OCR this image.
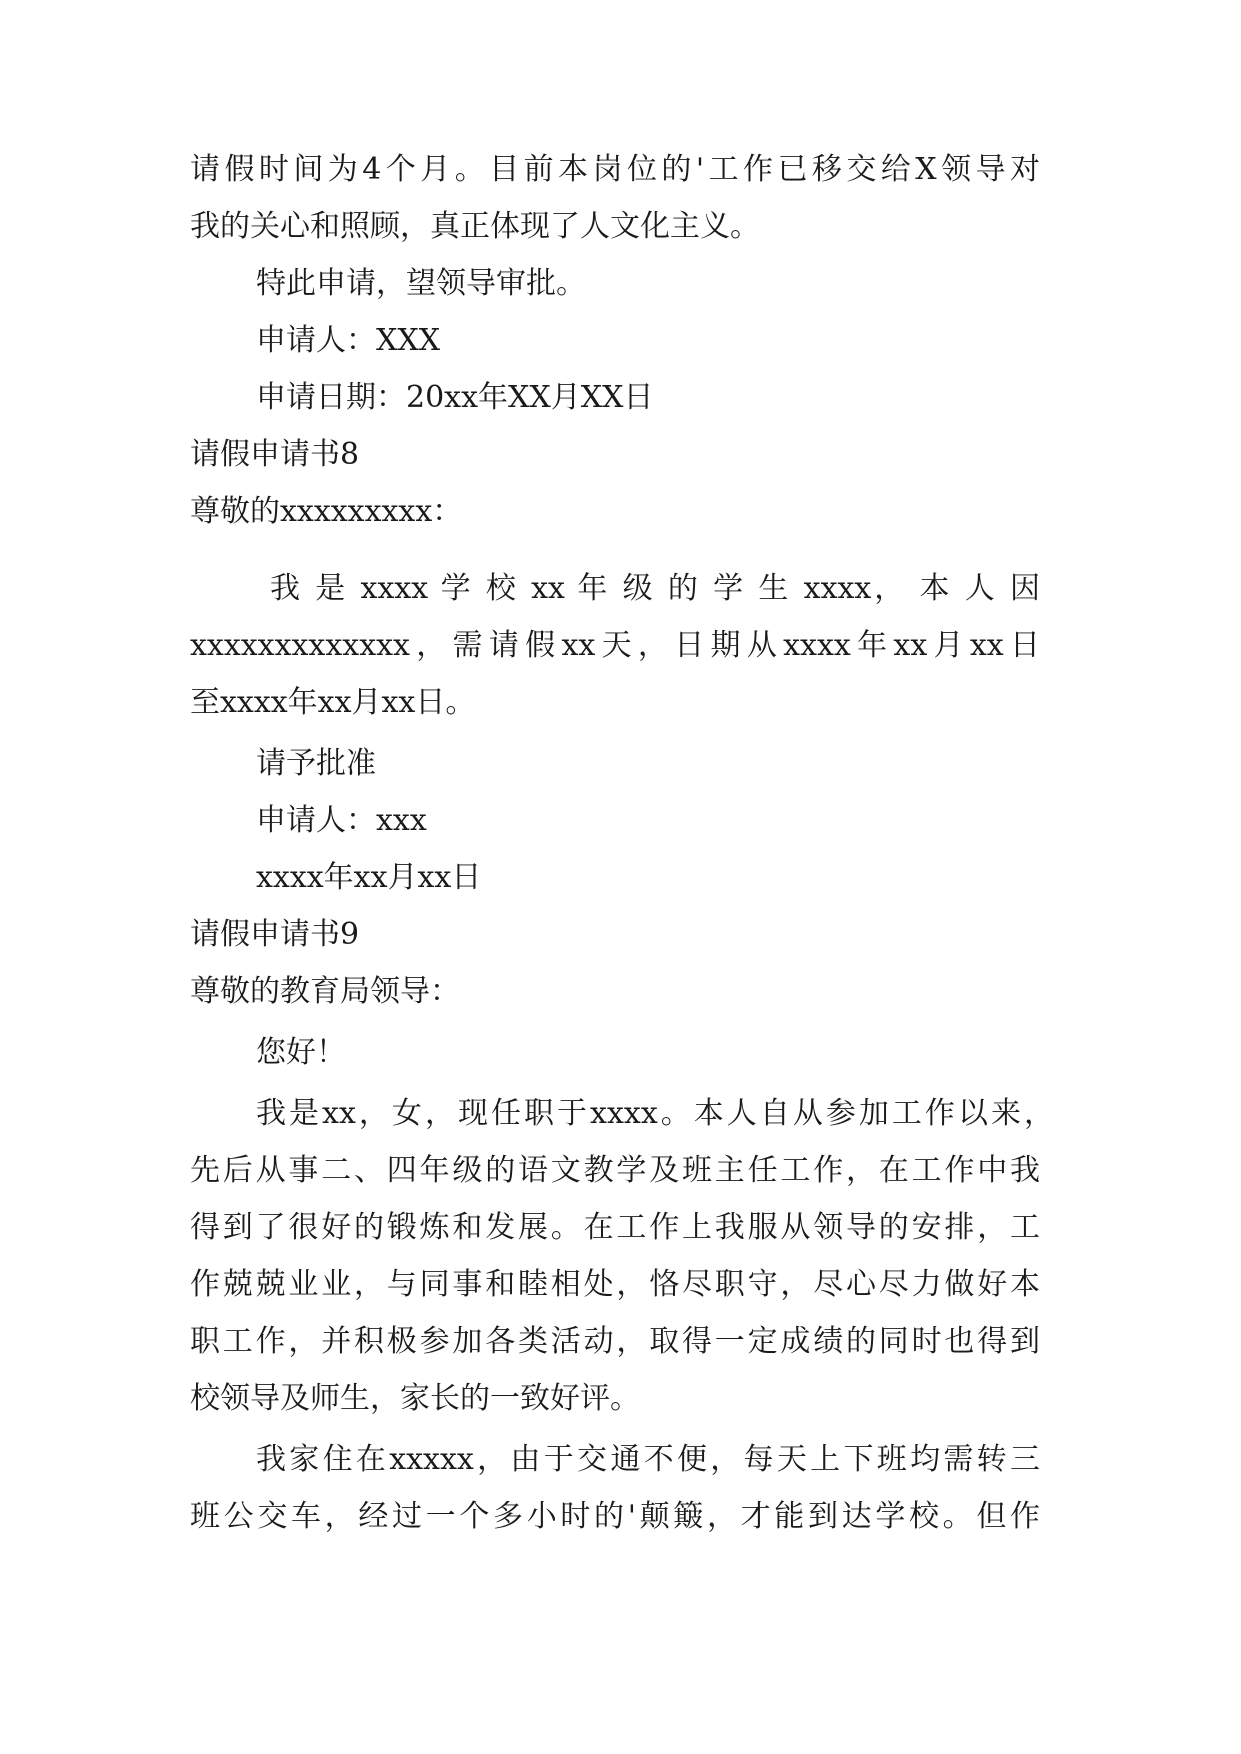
请假时间为4个月。目前本岗位的'工作已移交给X领导对

我的关心和照顾，真正体现了人文化主义。

特此申请，望领导审批。

申请人：XXX

申请日期：20xx年XX月XX日

请假申请书8

尊敬的xxxxxxxxx：

我 是 xxxx 学 校 xx 年 级 的 学 生 xxxx， 本 人 因

xxxxxxxxxxxxx，需请假xx天，日期从xxxx年xx月xx日

至xxxx年xx月xx日。

请予批准

申请人：xxx

xxxx年xx月xx日

请假申请书9

尊敬的教育局领导：

您好！

我是xx，女，现任职于xxxx。本人自从参加工作以来，

先后从事二、四年级的语文教学及班主任工作，在工作中我

得到了很好的锻炼和发展。在工作上我服从领导的安排，工

作兢兢业业，与同事和睦相处，恪尽职守，尽心尽力做好本

职工作，并积极参加各类活动，取得一定成绩的同时也得到

校领导及师生，家长的一致好评。

我家住在xxxxx，由于交通不便，每天上下班均需转三

班公交车，经过一个多小时的'颠簸，才能到达学校。但作
